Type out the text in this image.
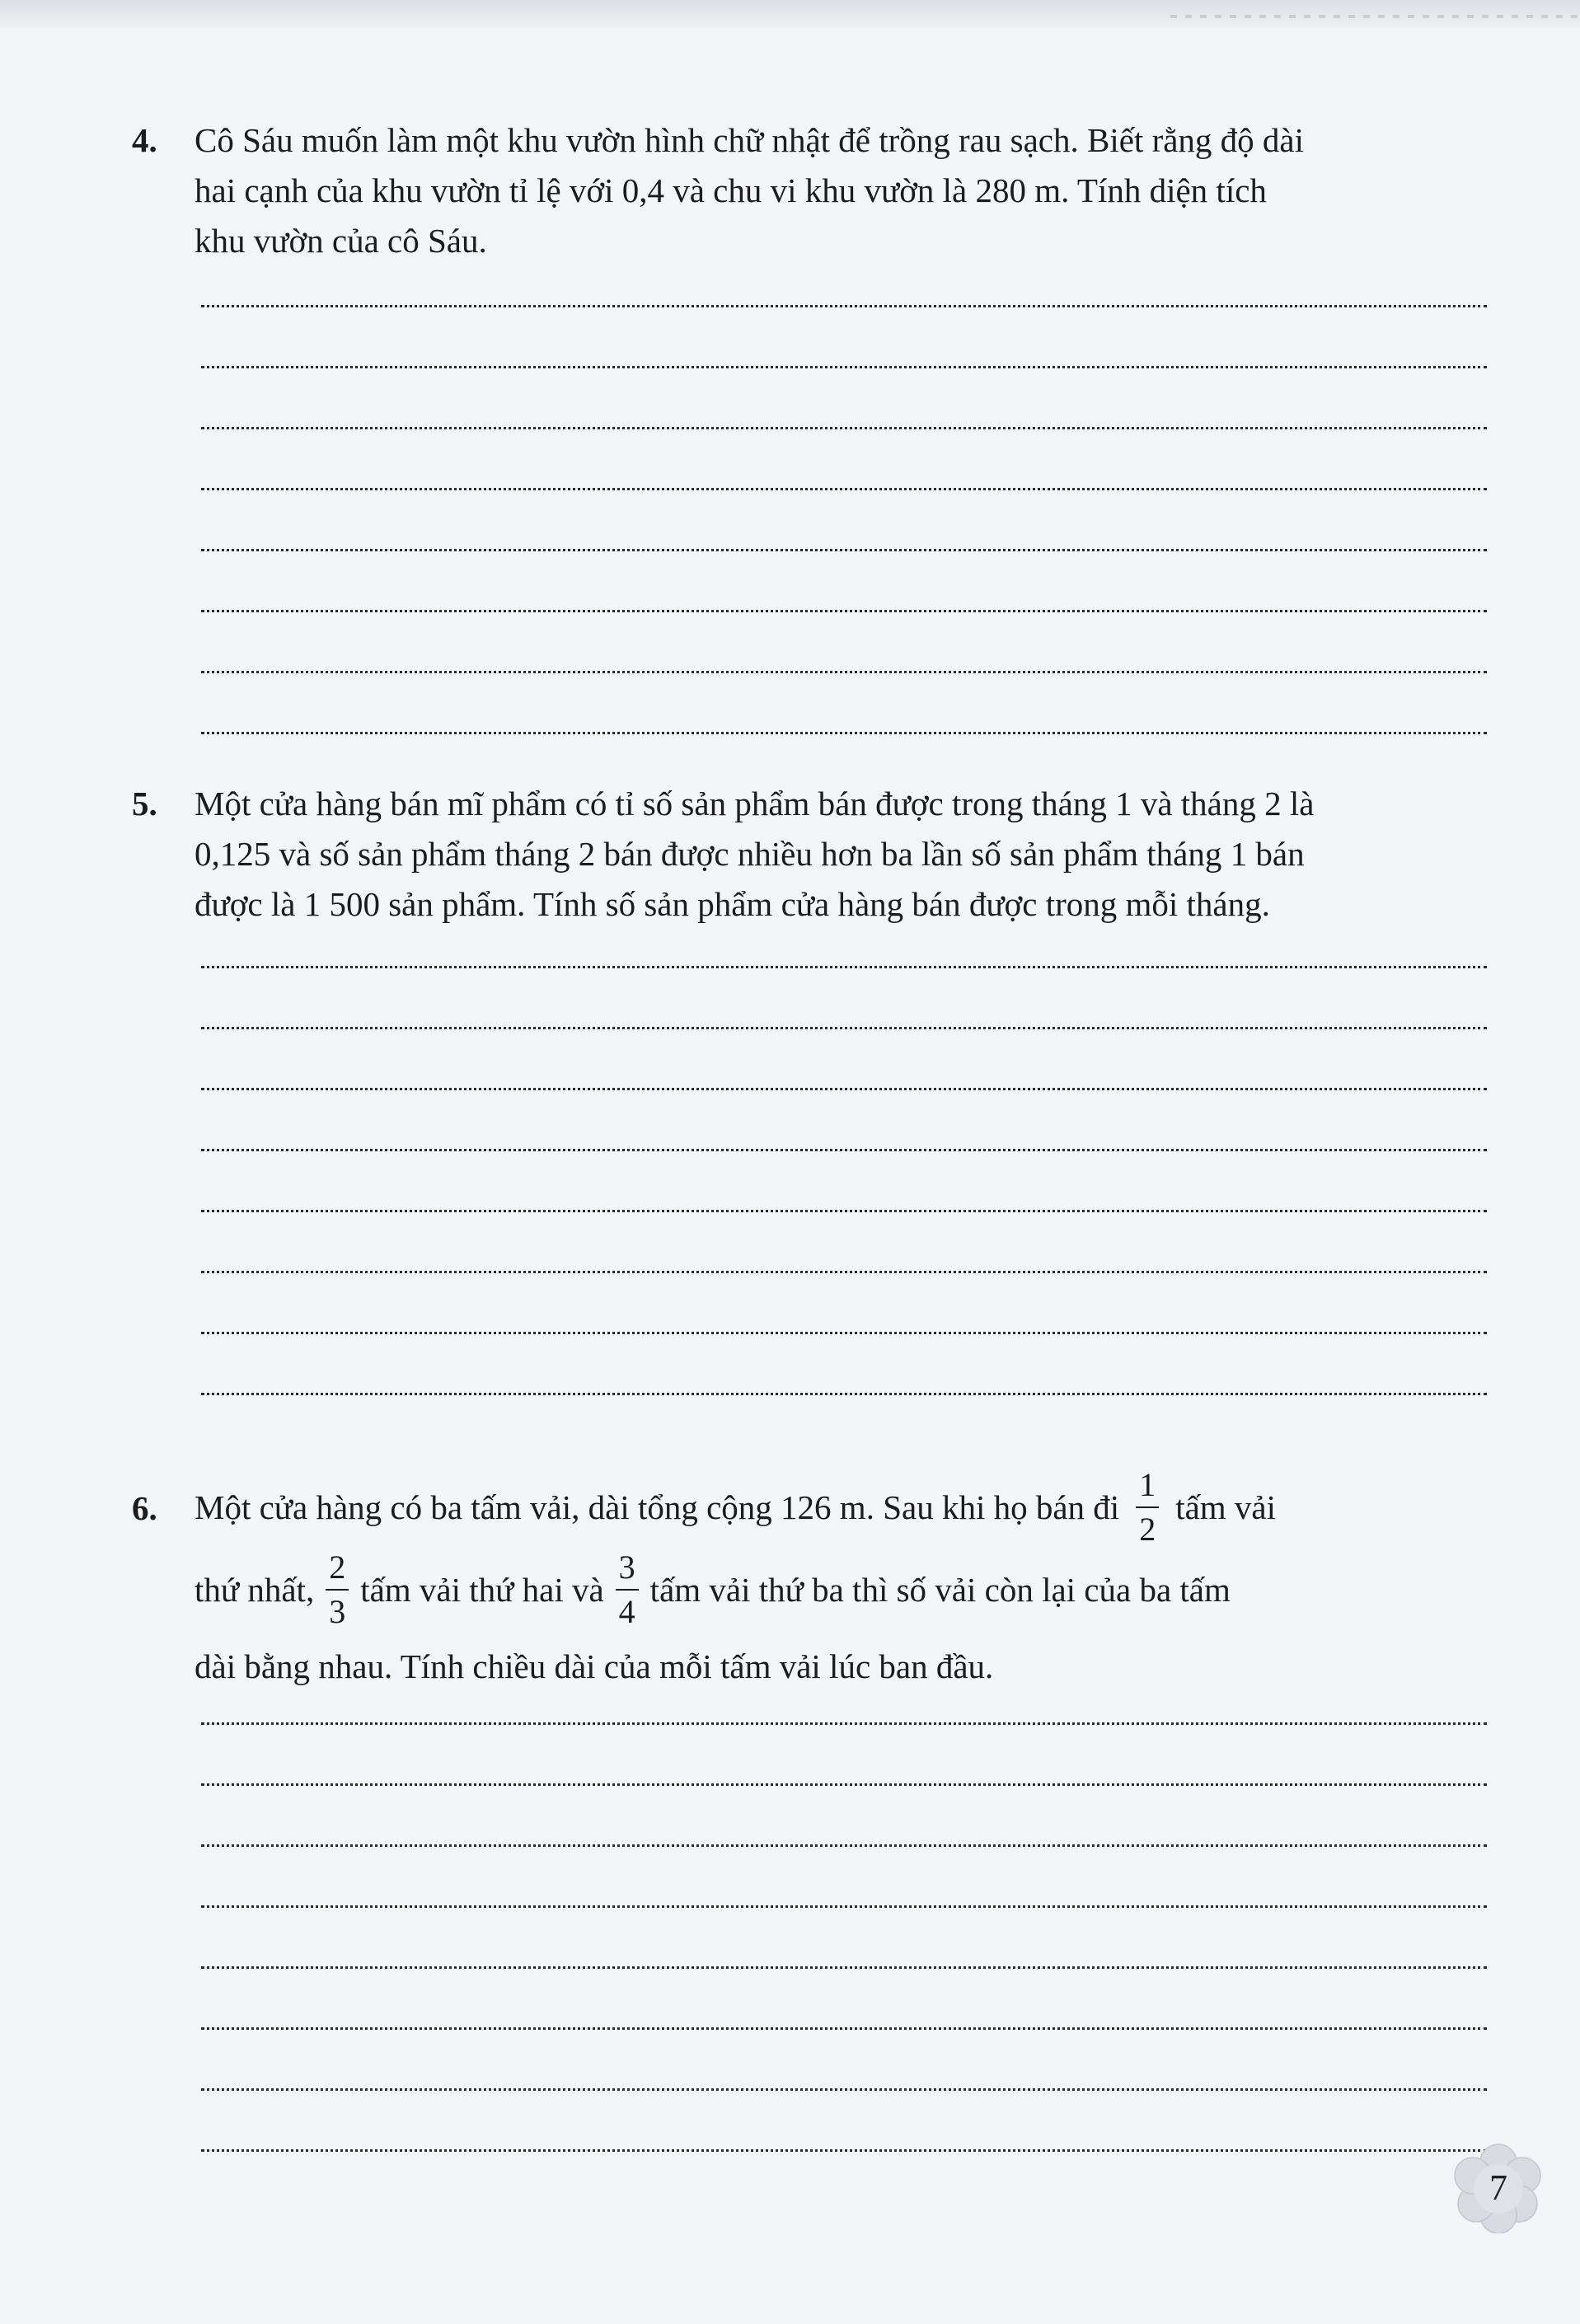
4. Cô Sáu muốn làm một khu vườn hình chữ nhật để trồng rau sạch. Biết rằng độ dài
hai cạnh của khu vườn tỉ lệ với 0,4 và chu vi khu vườn là 280 m. Tính diện tích
khu vườn của cô Sáu.
5. Một cửa hàng bán mĩ phẩm có tỉ số sản phẩm bán được trong tháng 1 và tháng 2 là
0,125 và số sản phẩm tháng 2 bán được nhiều hơn ba lần số sản phẩm tháng 1 bán
được là 1 500 sản phẩm. Tính số sản phẩm cửa hàng bán được trong mỗi tháng.
6. Một cửa hàng có ba tấm vải, dài tổng cộng 126 m. Sau khi họ bán đi $\frac{1}{2}$ tấm vải
thứ nhất, $\frac{2}{3}$ tấm vải thứ hai và $\frac{3}{4}$ tấm vải thứ ba thì số vải còn lại của ba tấm
dài bằng nhau. Tính chiều dài của mỗi tấm vải lúc ban đầu.
7
